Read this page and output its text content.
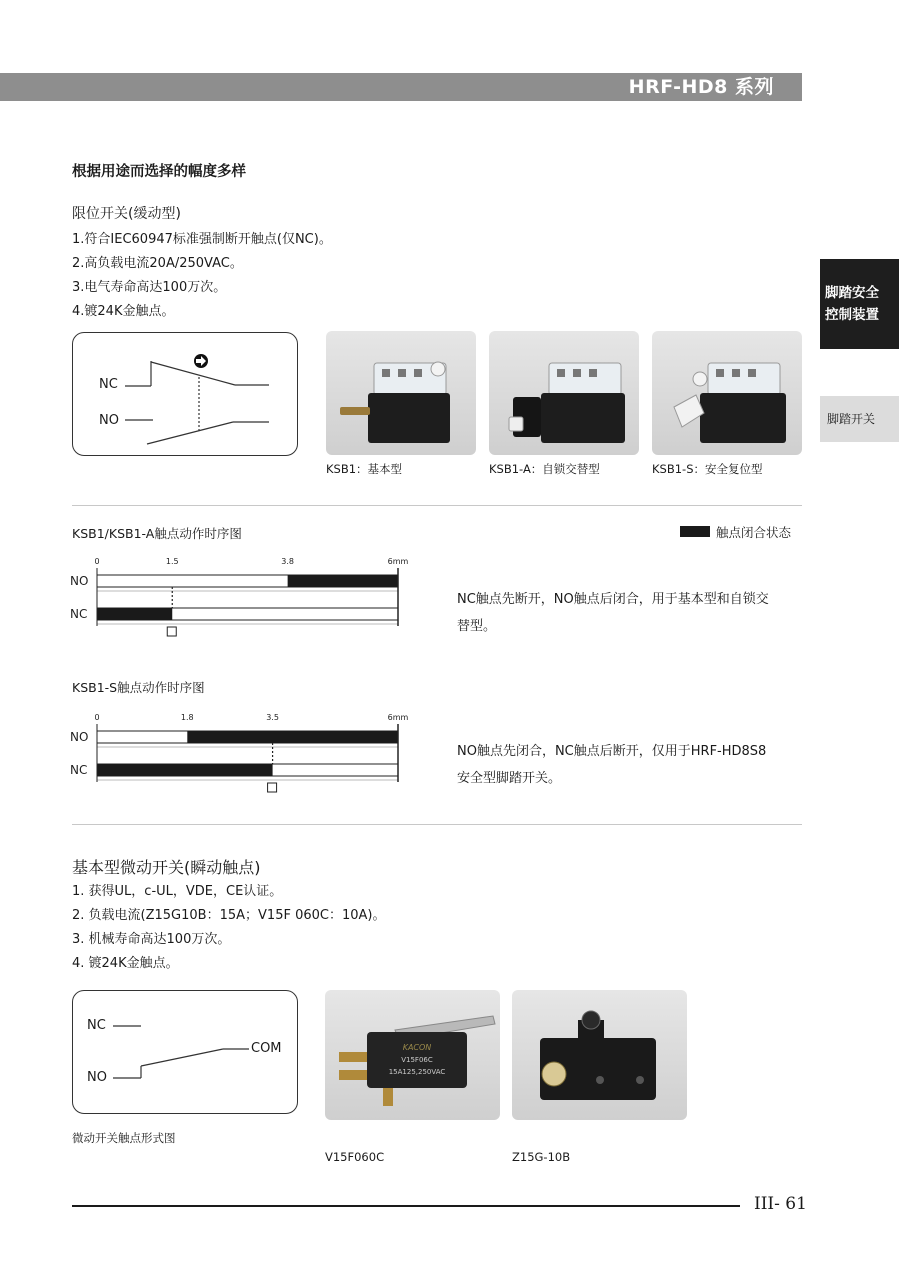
HRF-HD8 系列
脚踏安全
控制装置
脚踏开关
根据用途而选择的幅度多样
限位开关(缓动型)
1.符合IEC60947标准强制断开触点(仅NC)。
2.高负载电流20A/250VAC。
3.电气寿命高达100万次。
4.镀24K金触点。
NC
NO
KSB1：基本型	KSB1-A：自锁交替型	KSB1-S：安全复位型
KSB1/KSB1-A触点动作时序图	触点闭合状态
0	1.5	3.8	6mm
NO
NC
NC触点先断开，NO触点后闭合，用于基本型和自锁交
替型。
KSB1-S触点动作时序图
0	1.8	3.5	6mm
NO
NC
NO触点先闭合，NC触点后断开，仅用于HRF-HD8S8
安全型脚踏开关。
基本型微动开关(瞬动触点)
1. 获得UL，c-UL，VDE，CE认证。
2. 负载电流(Z15G10B：15A；V15F 060C：10A)。
3. 机械寿命高达100万次。
4. 镀24K金触点。
NC
NO
COM
微动开关触点形式图
KACON
V15F06C
15A125,250VAC
V15F060C	Z15G-10B
III- 61
